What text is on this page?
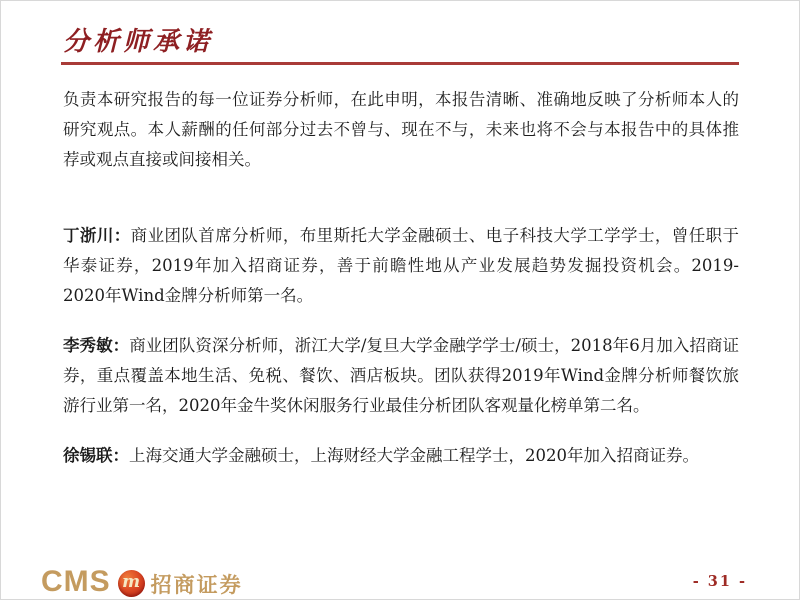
分析师承诺

负责本研究报告的每一位证券分析师，在此申明，本报告清晰、准确地反映了分析师本人的研究观点。本人薪酬的任何部分过去不曾与、现在不与，未来也将不会与本报告中的具体推荐或观点直接或间接相关。

丁浙川：商业团队首席分析师，布里斯托大学金融硕士、电子科技大学工学学士，曾任职于华泰证券，2019年加入招商证券，善于前瞻性地从产业发展趋势发掘投资机会。2019-2020年Wind金牌分析师第一名。

李秀敏：商业团队资深分析师，浙江大学/复旦大学金融学学士/硕士，2018年6月加入招商证券，重点覆盖本地生活、免税、餐饮、酒店板块。团队获得2019年Wind金牌分析师餐饮旅游行业第一名，2020年金牛奖休闲服务行业最佳分析团队客观量化榜单第二名。

徐锡联：上海交通大学金融硕士，上海财经大学金融工程学士，2020年加入招商证券。

CMS m 招商证券	- 31 -
